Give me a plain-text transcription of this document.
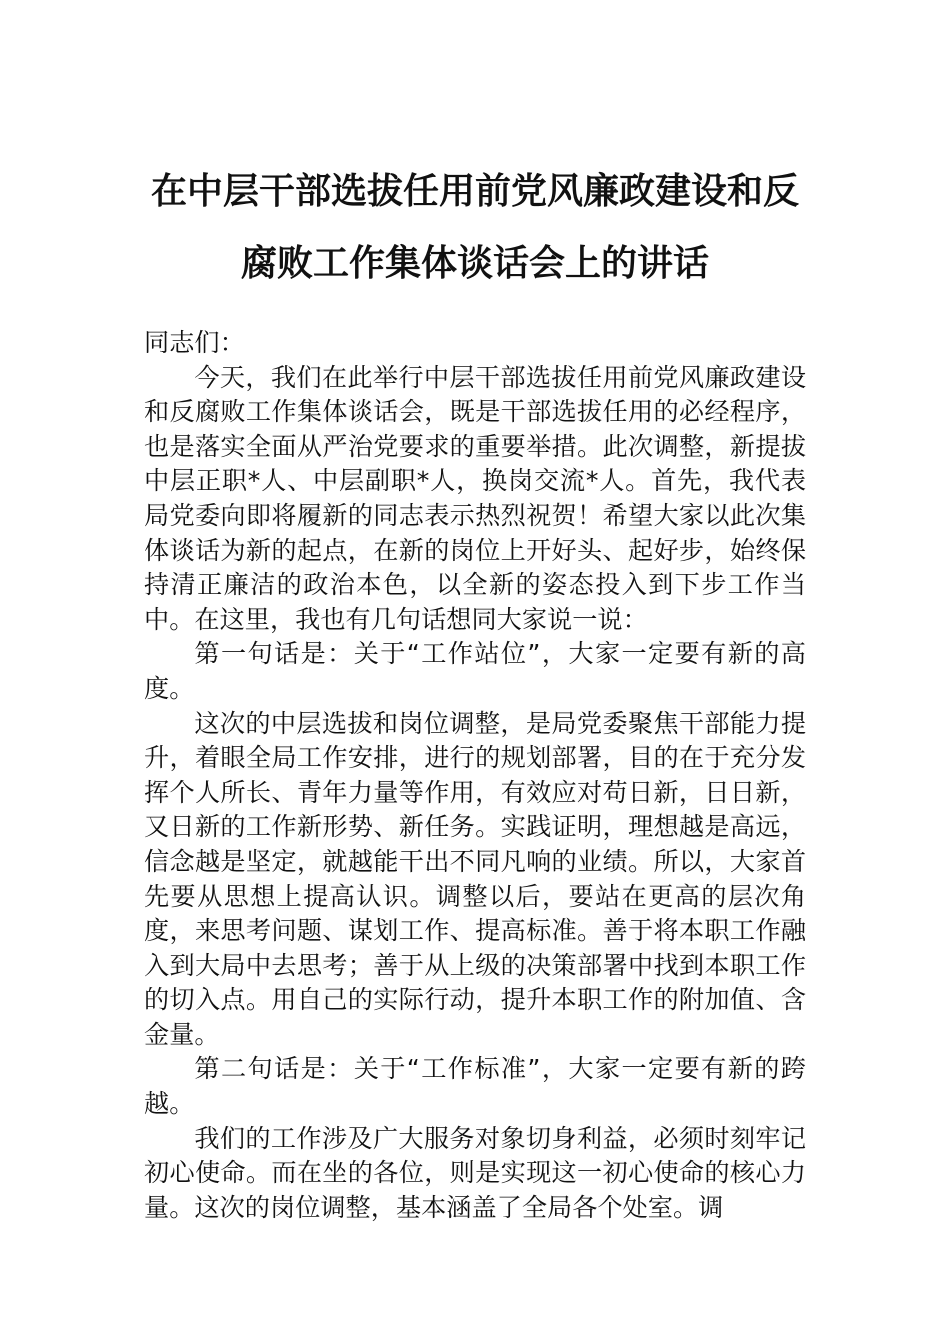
在中层干部选拔任用前党风廉政建设和反
腐败工作集体谈话会上的讲话

同志们：

今天，我们在此举行中层干部选拔任用前党风廉政建设和反腐败工作集体谈话会，既是干部选拔任用的必经程序，也是落实全面从严治党要求的重要举措。此次调整，新提拔中层正职*人、中层副职*人，换岗交流*人。首先，我代表局党委向即将履新的同志表示热烈祝贺！希望大家以此次集体谈话为新的起点，在新的岗位上开好头、起好步，始终保持清正廉洁的政治本色，以全新的姿态投入到下步工作当中。在这里，我也有几句话想同大家说一说：

第一句话是：关于“工作站位”，大家一定要有新的高度。

这次的中层选拔和岗位调整，是局党委聚焦干部能力提升，着眼全局工作安排，进行的规划部署，目的在于充分发挥个人所长、青年力量等作用，有效应对苟日新，日日新，又日新的工作新形势、新任务。实践证明，理想越是高远，信念越是坚定，就越能干出不同凡响的业绩。所以，大家首先要从思想上提高认识。调整以后，要站在更高的层次角度，来思考问题、谋划工作、提高标准。善于将本职工作融入到大局中去思考；善于从上级的决策部署中找到本职工作的切入点。用自己的实际行动，提升本职工作的附加值、含金量。

第二句话是：关于“工作标准”，大家一定要有新的跨越。

我们的工作涉及广大服务对象切身利益，必须时刻牢记初心使命。而在坐的各位，则是实现这一初心使命的核心力量。这次的岗位调整，基本涵盖了全局各个处室。调
